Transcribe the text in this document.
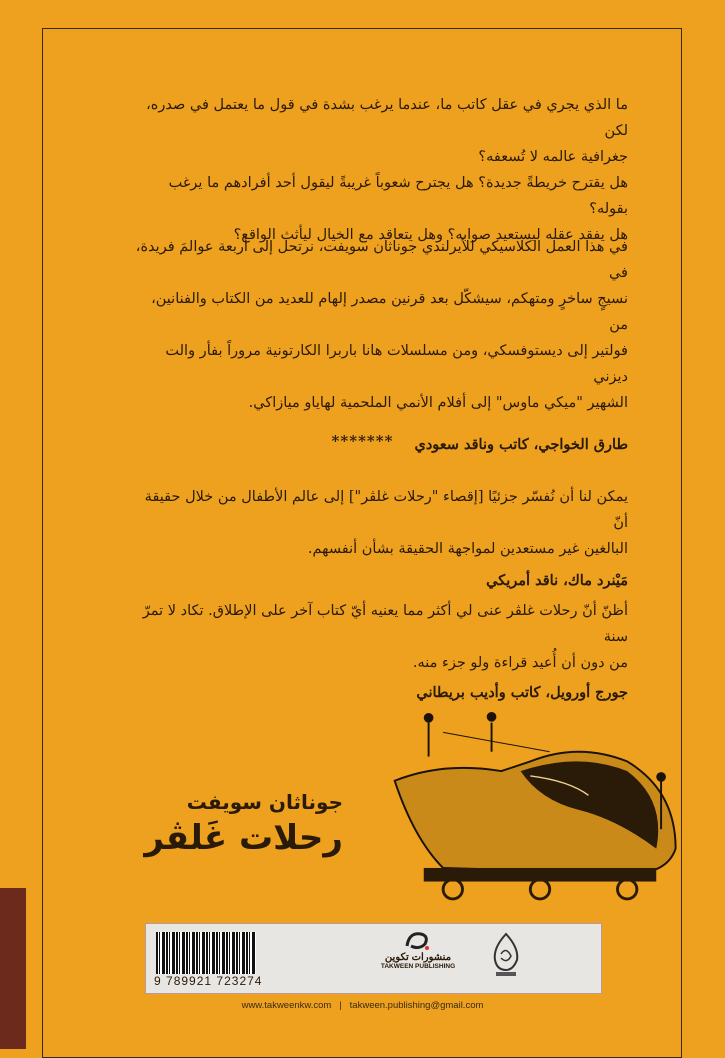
ما الذي يجري في عقل كاتب ما، عندما يرغب بشدة في قول ما يعتمل في صدره، لكن

جغرافية عالمه لا تُسعفه؟

هل يقترح خريطةً جديدة؟ هل يجترح شعوباً غريبةً ليقول أحد أفرادهم ما يرغب بقوله؟

هل يفقد عقله ليستعيد صوابه؟ وهل يتعاقد مع الخيال ليأثث الواقع؟

في هذا العمل الكلاسيكي للأيرلندي جوناثان سويفت، نرتحل إلى أربعة عوالمَ فريدة، في

نسيجٍ ساخرٍ ومتهكم، سيشكّل بعد قرنين مصدر إلهام للعديد من الكتاب والفنانين، من

فولتير إلى ديستوفسكي، ومن مسلسلات هانا باربرا الكارتونية مروراً بفأر والت ديزني

الشهير "ميكي ماوس" إلى أفلام الأنمي الملحمية لهاياو ميازاكي.

طارق الخواجي، كاتب وناقد سعودي

*******

يمكن لنا أن نُفسّر جزئيًا [إقصاء "رحلات غلڤر"] إلى عالم الأطفال من خلال حقيقة أنّ

البالغين غير مستعدين لمواجهة الحقيقة بشأن أنفسهم.

مَيْنرد ماك، ناقد أمريكي

أظنّ أنّ رحلات غلڤر عنى لي أكثر مما يعنيه أيّ كتاب آخر على الإطلاق. تكاد لا تمرّ سنة

من دون أن أُعيد قراءة ولو جزء منه.

جورج أورويل، كاتب وأديب بريطاني

جوناثان سويفت
رحلات غَلڤر
9 789921 723274
منشورات تكوين
TAKWEEN PUBLISHING
www.takweenkw.com | takween.publishing@gmail.com
